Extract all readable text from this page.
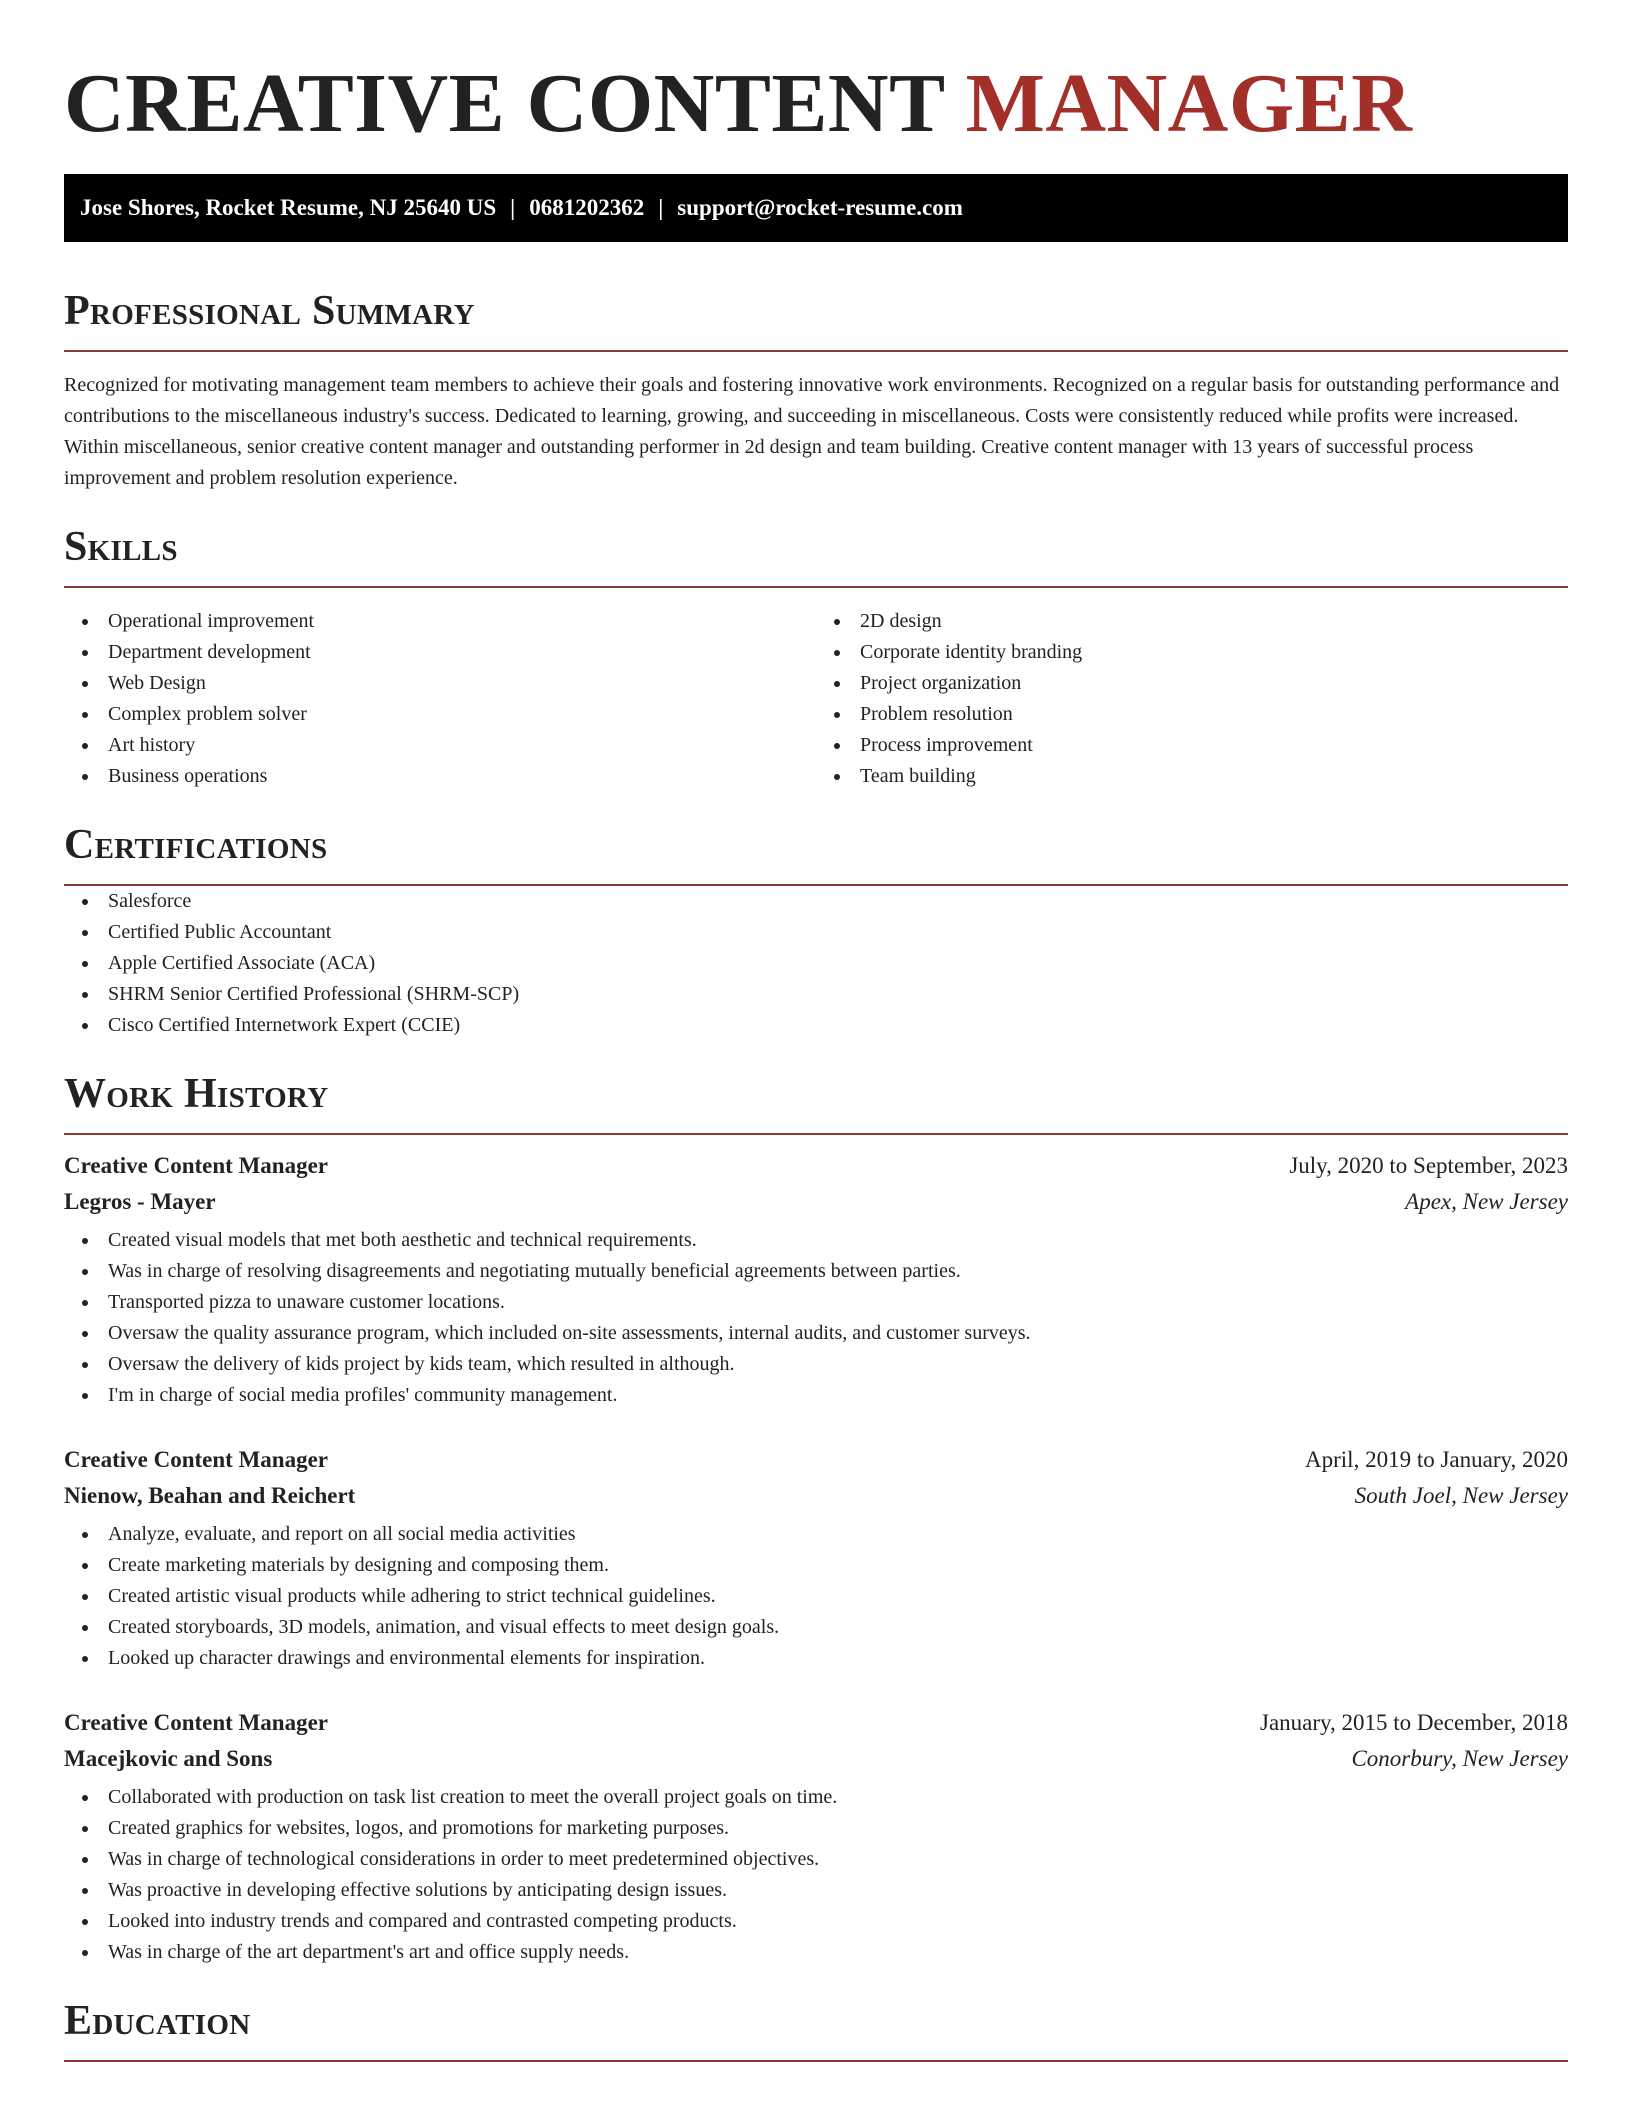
CREATIVE CONTENT MANAGER
Jose Shores, Rocket Resume, NJ 25640 US | 0681202362 | support@rocket-resume.com
Professional Summary

Recognized for motivating management team members to achieve their goals and fostering innovative work environments. Recognized on a regular basis for outstanding performance and contributions to the miscellaneous industry's success. Dedicated to learning, growing, and succeeding in miscellaneous. Costs were consistently reduced while profits were increased. Within miscellaneous, senior creative content manager and outstanding performer in 2d design and team building. Creative content manager with 13 years of successful process improvement and problem resolution experience.

Skills
Operational improvement
Department development
Web Design
Complex problem solver
Art history
Business operations
2D design
Corporate identity branding
Project organization
Problem resolution
Process improvement
Team building
Certifications
Salesforce
Certified Public Accountant
Apple Certified Associate (ACA)
SHRM Senior Certified Professional (SHRM-SCP)
Cisco Certified Internetwork Expert (CCIE)
Work History
Creative Content Manager	July, 2020 to September, 2023
Legros - Mayer	Apex, New Jersey
Created visual models that met both aesthetic and technical requirements.
Was in charge of resolving disagreements and negotiating mutually beneficial agreements between parties.
Transported pizza to unaware customer locations.
Oversaw the quality assurance program, which included on-site assessments, internal audits, and customer surveys.
Oversaw the delivery of kids project by kids team, which resulted in although.
I'm in charge of social media profiles' community management.
Creative Content Manager	April, 2019 to January, 2020
Nienow, Beahan and Reichert	South Joel, New Jersey
Analyze, evaluate, and report on all social media activities
Create marketing materials by designing and composing them.
Created artistic visual products while adhering to strict technical guidelines.
Created storyboards, 3D models, animation, and visual effects to meet design goals.
Looked up character drawings and environmental elements for inspiration.
Creative Content Manager	January, 2015 to December, 2018
Macejkovic and Sons	Conorbury, New Jersey
Collaborated with production on task list creation to meet the overall project goals on time.
Created graphics for websites, logos, and promotions for marketing purposes.
Was in charge of technological considerations in order to meet predetermined objectives.
Was proactive in developing effective solutions by anticipating design issues.
Looked into industry trends and compared and contrasted competing products.
Was in charge of the art department's art and office supply needs.
Education
